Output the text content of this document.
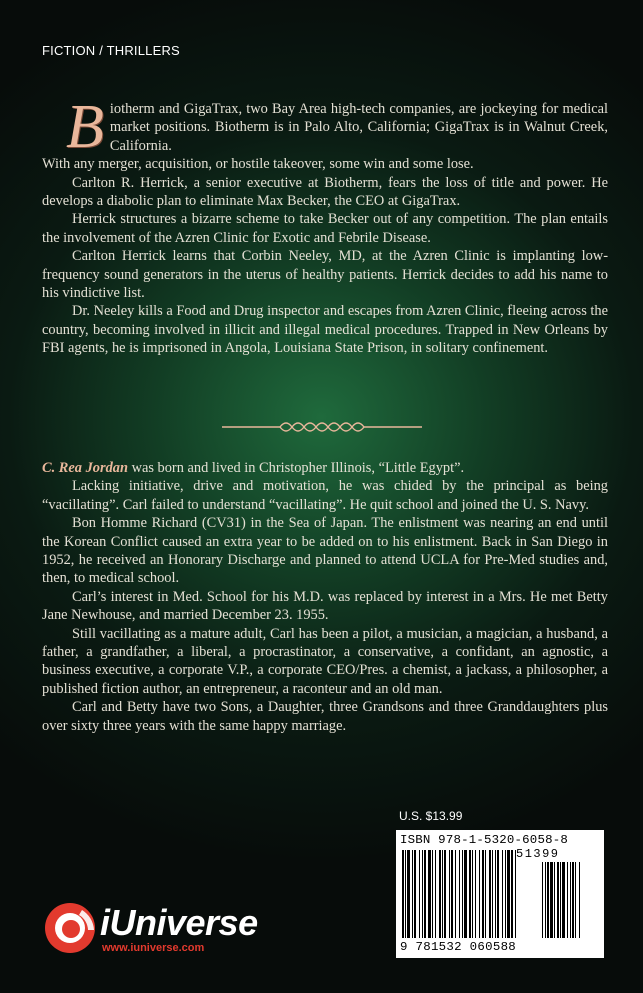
FICTION / THRILLERS

Biotherm and GigaTrax, two Bay Area high-tech companies, are jockeying for medical market positions. Biotherm is in Palo Alto, California; GigaTrax is in Walnut Creek, California.

With any merger, acquisition, or hostile takeover, some win and some lose.

Carlton R. Herrick, a senior executive at Biotherm, fears the loss of title and power. He develops a diabolic plan to eliminate Max Becker, the CEO at GigaTrax.

Herrick structures a bizarre scheme to take Becker out of any competition. The plan entails the involvement of the Azren Clinic for Exotic and Febrile Disease.

Carlton Herrick learns that Corbin Neeley, MD, at the Azren Clinic is implanting low-frequency sound generators in the uterus of healthy patients. Herrick decides to add his name to his vindictive list.

Dr. Neeley kills a Food and Drug inspector and escapes from Azren Clinic, fleeing across the country, becoming involved in illicit and illegal medical procedures. Trapped in New Orleans by FBI agents, he is imprisoned in Angola, Louisiana State Prison, in solitary confinement.

C. Rea Jordan was born and lived in Christopher Illinois, “Little Egypt”.

Lacking initiative, drive and motivation, he was chided by the principal as being “vacillating”. Carl failed to understand “vacillating”. He quit school and joined the U. S. Navy.

Bon Homme Richard (CV31) in the Sea of Japan. The enlistment was nearing an end until the Korean Conflict caused an extra year to be added on to his enlistment. Back in San Diego in 1952, he received an Honorary Discharge and planned to attend UCLA for Pre-Med studies and, then, to medical school.

Carl’s interest in Med. School for his M.D. was replaced by interest in a Mrs. He met Betty Jane Newhouse, and married December 23. 1955.

Still vacillating as a mature adult, Carl has been a pilot, a musician, a magician, a husband, a father, a grandfather, a liberal, a procrastinator, a conservative, a confidant, an agnostic, a business executive, a corporate V.P., a corporate CEO/Pres. a chemist, a jackass, a philosopher, a published fiction author, an entrepreneur, a raconteur and an old man.

Carl and Betty have two Sons, a Daughter, three Grandsons and three Granddaughters plus over sixty three years with the same happy marriage.

U.S. $13.99
ISBN 978-1-5320-6058-8
51399
9 781532 060588
iUniverse
www.iuniverse.com
